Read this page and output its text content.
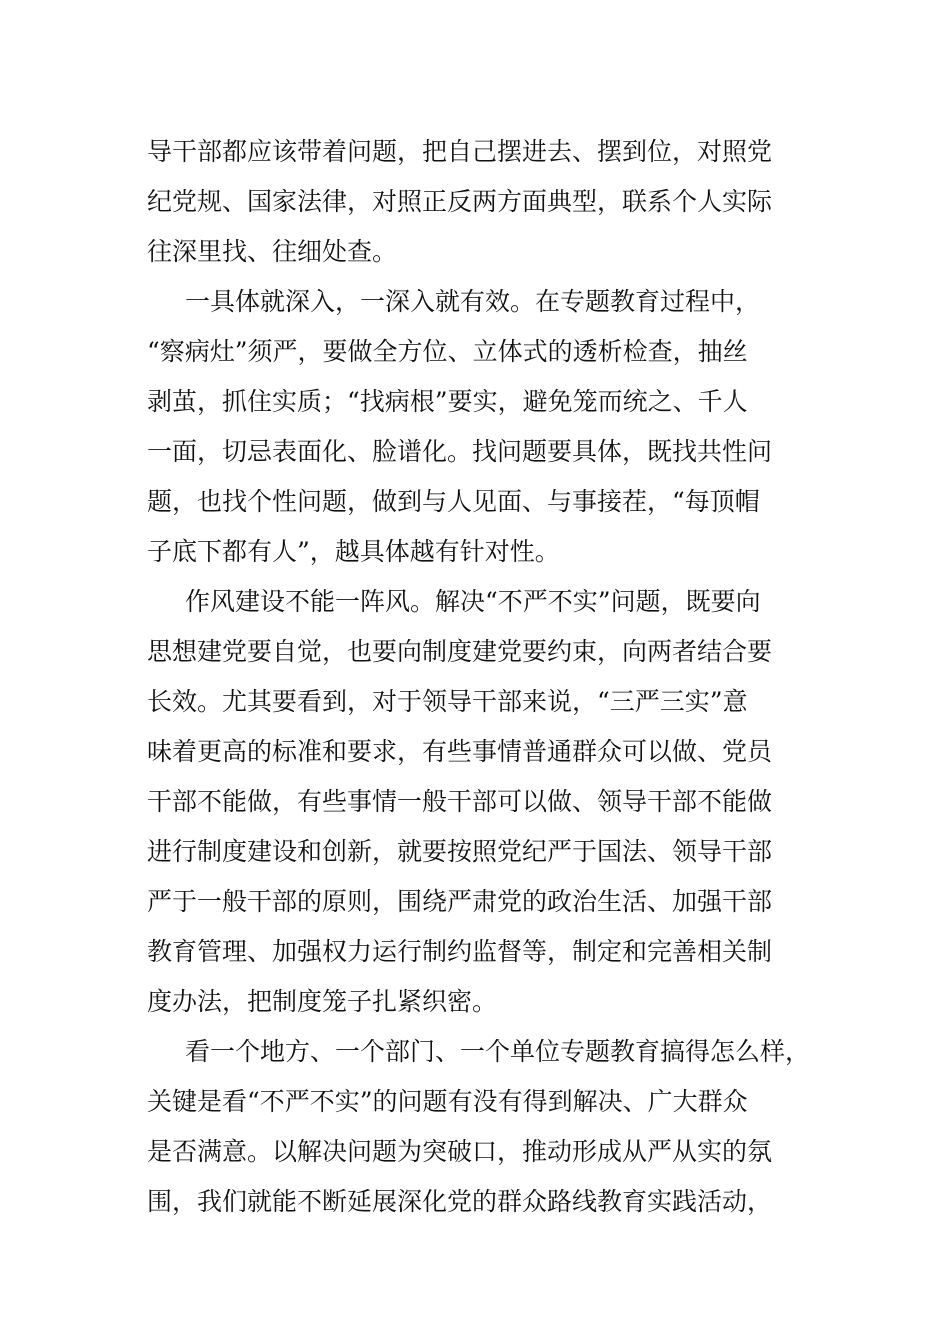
导干部都应该带着问题，把自己摆进去、摆到位，对照党
纪党规、国家法律，对照正反两方面典型，联系个人实际
往深里找、往细处查。
一具体就深入，一深入就有效。在专题教育过程中，
“察病灶”须严，要做全方位、立体式的透析检查，抽丝
剥茧，抓住实质；“找病根”要实，避免笼而统之、千人
一面，切忌表面化、脸谱化。找问题要具体，既找共性问
题，也找个性问题，做到与人见面、与事接茬，“每顶帽
子底下都有人”，越具体越有针对性。
作风建设不能一阵风。解决“不严不实”问题，既要向
思想建党要自觉，也要向制度建党要约束，向两者结合要
长效。尤其要看到，对于领导干部来说，“三严三实”意
味着更高的标准和要求，有些事情普通群众可以做、党员
干部不能做，有些事情一般干部可以做、领导干部不能做
进行制度建设和创新，就要按照党纪严于国法、领导干部
严于一般干部的原则，围绕严肃党的政治生活、加强干部
教育管理、加强权力运行制约监督等，制定和完善相关制
度办法，把制度笼子扎紧织密。
看一个地方、一个部门、一个单位专题教育搞得怎么样，
关键是看“不严不实”的问题有没有得到解决、广大群众
是否满意。以解决问题为突破口，推动形成从严从实的氛
围，我们就能不断延展深化党的群众路线教育实践活动，
